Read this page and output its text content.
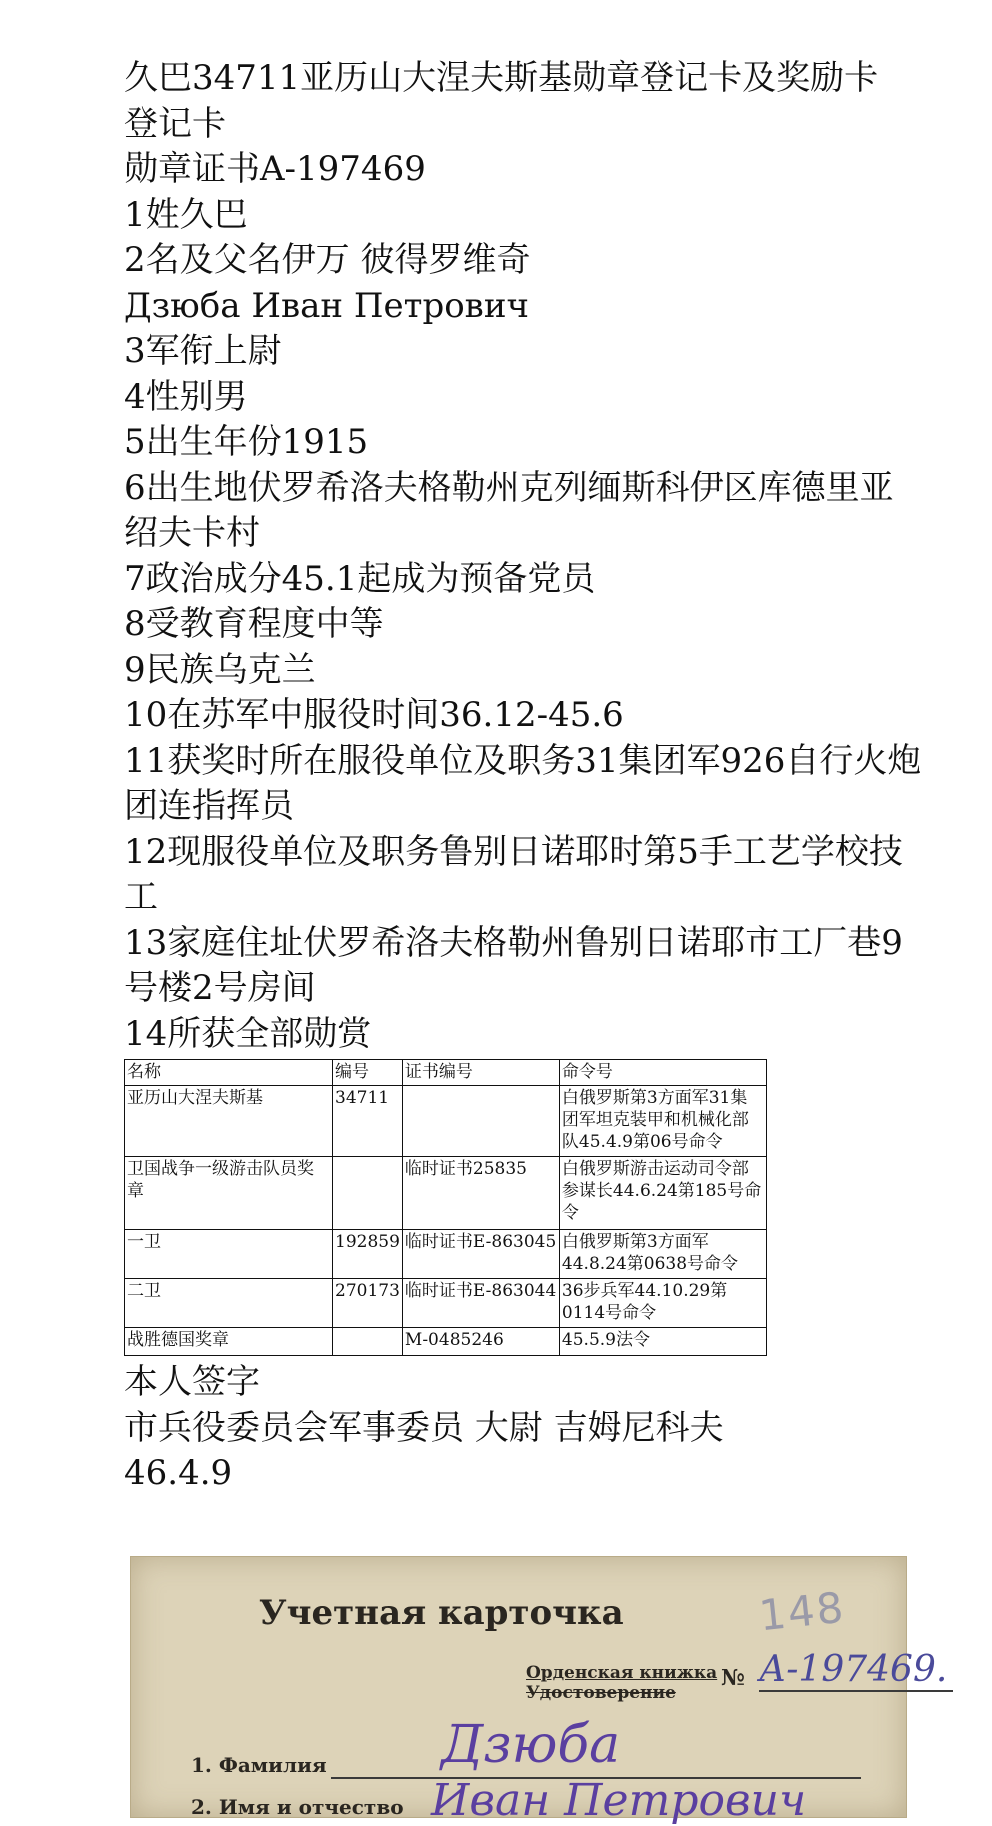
久巴34711亚历山大涅夫斯基勋章登记卡及奖励卡
登记卡
勋章证书A-197469
1姓久巴
2名及父名伊万 彼得罗维奇
Дзюба Иван Петрович
3军衔上尉
4性别男
5出生年份1915
6出生地伏罗希洛夫格勒州克列缅斯科伊区库德里亚绍夫卡村
7政治成分45.1起成为预备党员
8受教育程度中等
9民族乌克兰
10在苏军中服役时间36.12-45.6
11获奖时所在服役单位及职务31集团军926自行火炮团连指挥员
12现服役单位及职务鲁别日诺耶时第5手工艺学校技工
13家庭住址伏罗希洛夫格勒州鲁别日诺耶市工厂巷9号楼2号房间
14所获全部勋赏
名称	编号	证书编号	命令号
亚历山大涅夫斯基	34711		白俄罗斯第3方面军31集团军坦克装甲和机械化部队45.4.9第06号命令
卫国战争一级游击队员奖章		临时证书25835	白俄罗斯游击运动司令部参谋长44.6.24第185号命令
一卫	192859	临时证书E-863045	白俄罗斯第3方面军44.8.24第0638号命令
二卫	270173	临时证书E-863044	36步兵军44.10.29第0114号命令
战胜德国奖章		M-0485246	45.5.9法令
本人签字
市兵役委员会军事委员 大尉 吉姆尼科夫
46.4.9
148
Учетная карточка
Орденская книжка
Удостоверение
№ А-197469.
Дзюба
1. Фамилия
2. Имя и отчество Иван Петрович
